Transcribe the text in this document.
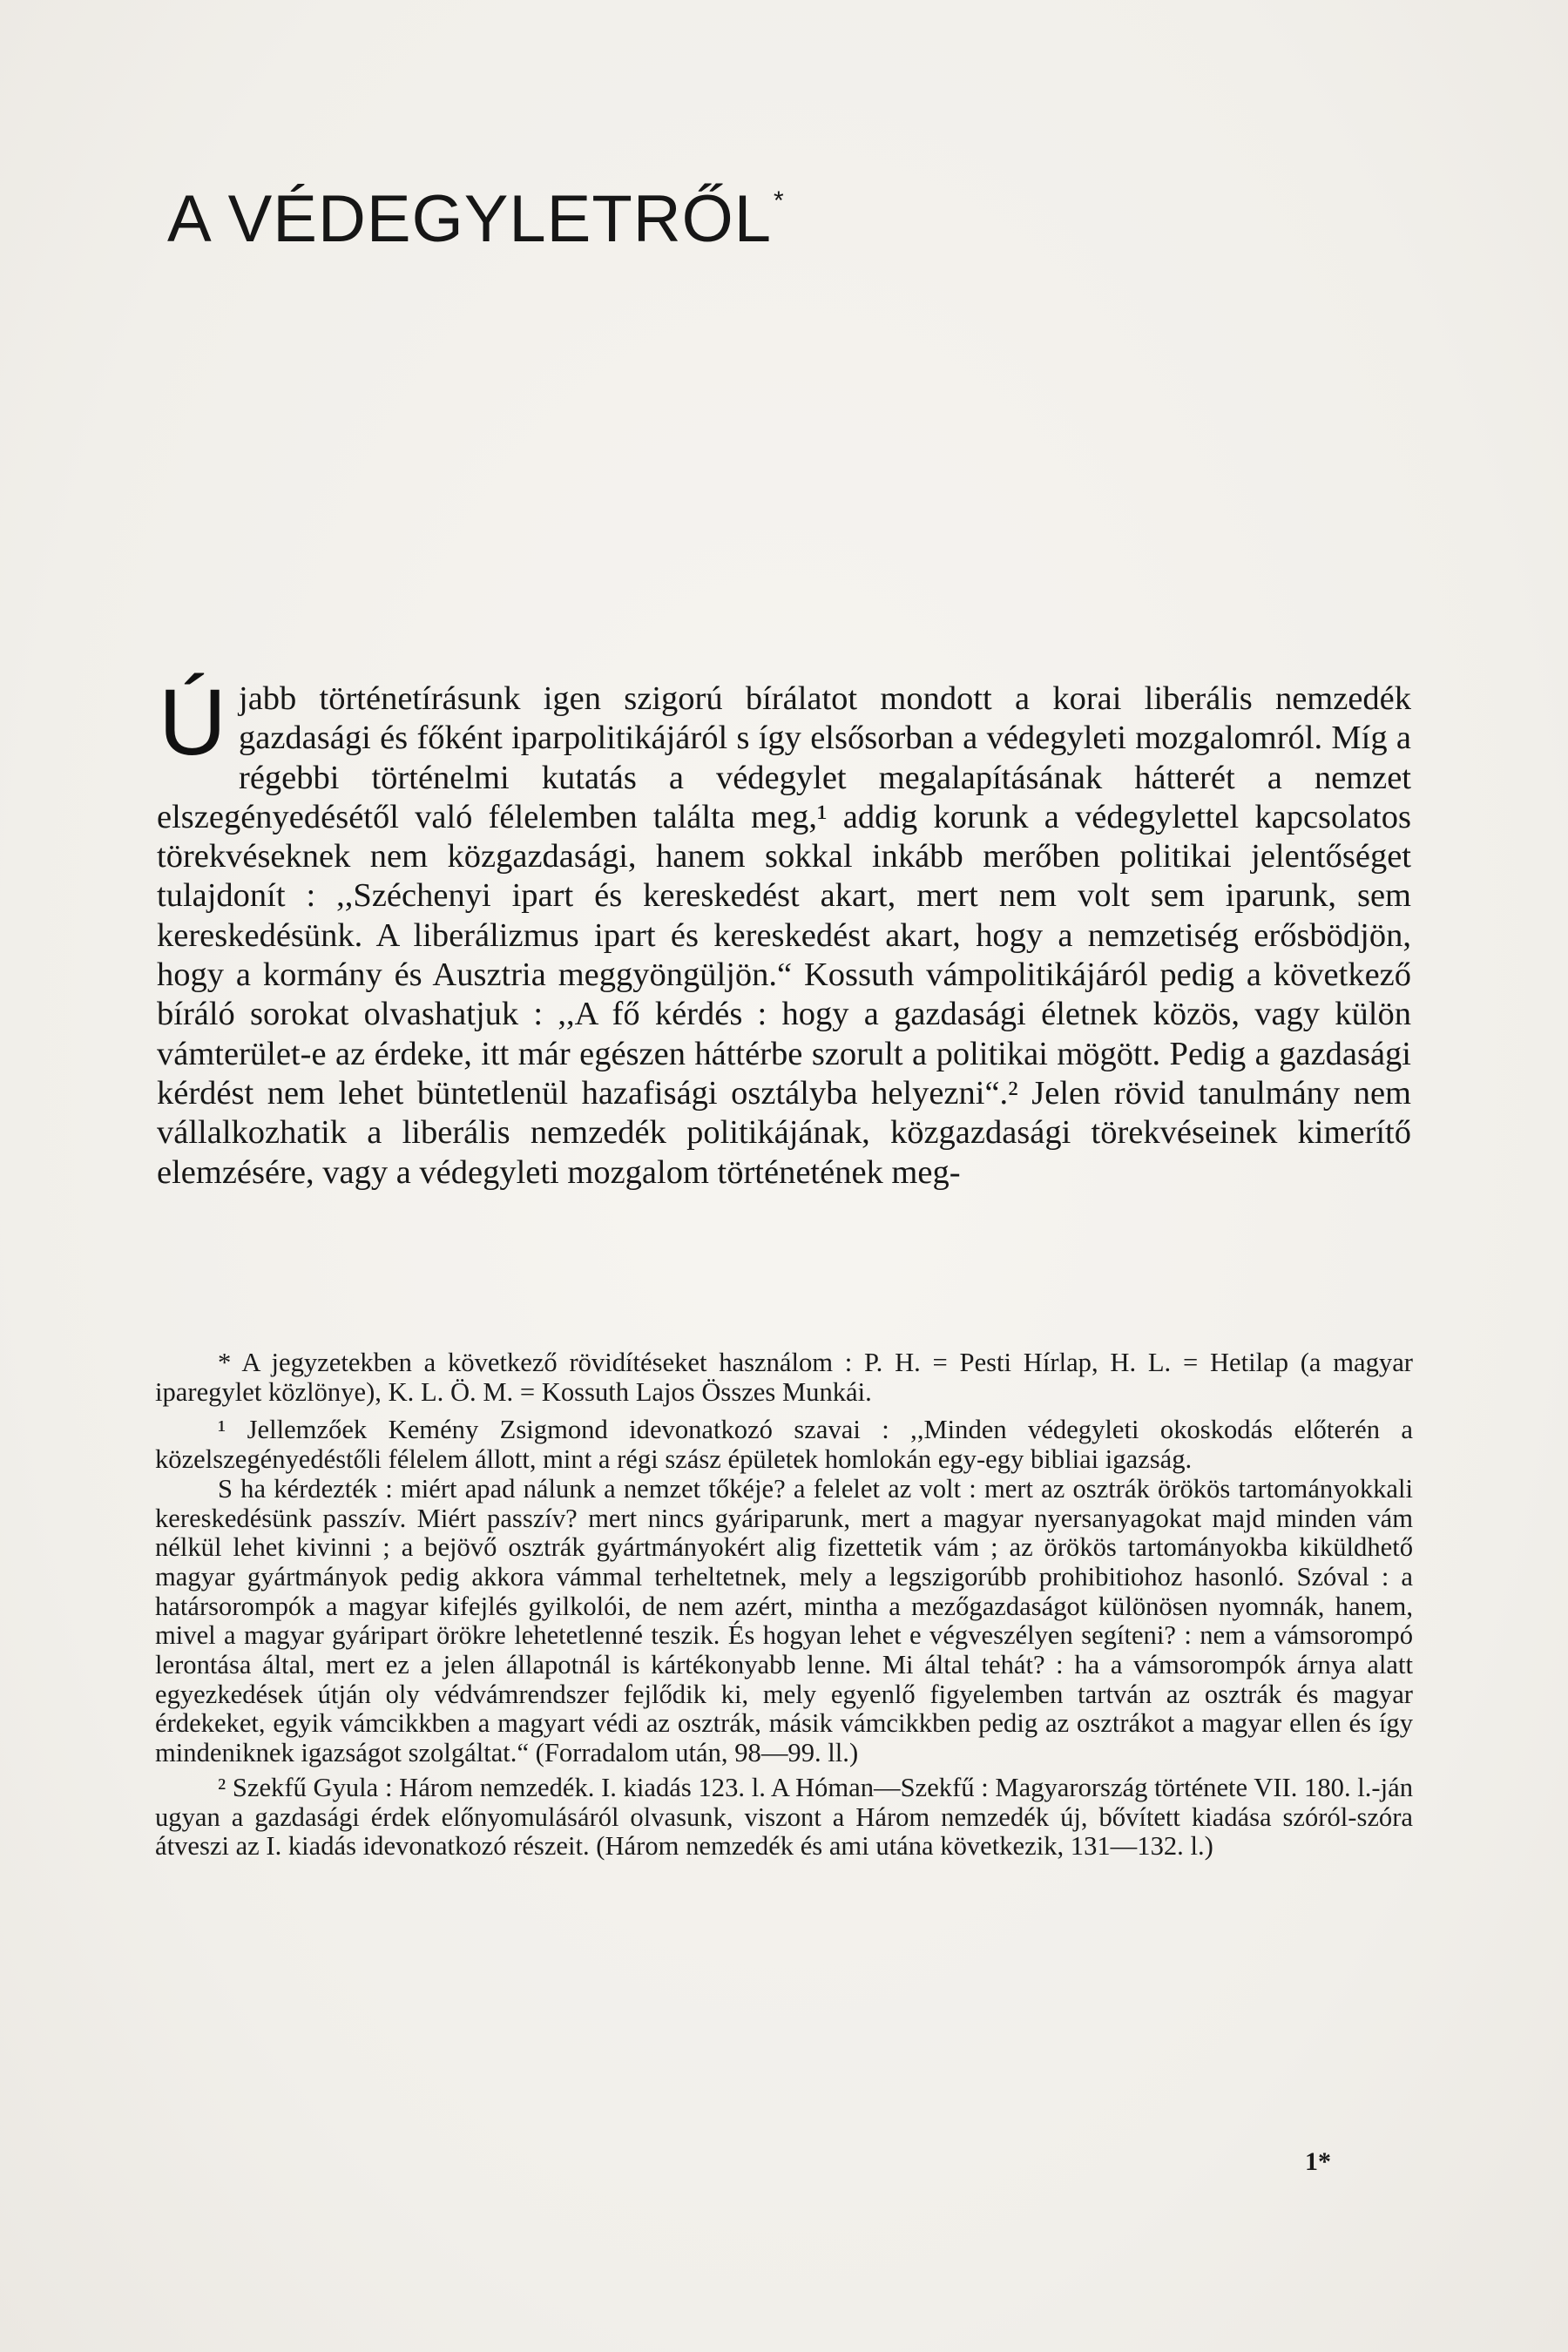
A VÉDEGYLETRŐL*
Újabb történetírásunk igen szigorú bírálatot mondott a korai liberális nemzedék gazdasági és főként iparpolitikájáról s így elsősorban a védegyleti mozgalomról. Míg a régebbi történelmi kutatás a védegylet megalapításának hátterét a nemzet elszegényedésétől való félelemben találta meg,¹ addig korunk a védegylettel kapcsolatos törekvéseknek nem közgazdasági, hanem sokkal inkább merőben politikai jelentőséget tulajdonít : ,,Széchenyi ipart és kereskedést akart, mert nem volt sem iparunk, sem kereskedésünk. A liberálizmus ipart és kereskedést akart, hogy a nemzetiség erősbödjön, hogy a kormány és Ausztria meggyöngüljön.“ Kossuth vámpolitikájáról pedig a következő bíráló sorokat olvashatjuk : ,,A fő kérdés : hogy a gazdasági életnek közös, vagy külön vámterület-e az érdeke, itt már egészen háttérbe szorult a politikai mögött. Pedig a gazdasági kérdést nem lehet büntetlenül hazafisági osztályba helyezni“.² Jelen rövid tanulmány nem vállalkozhatik a liberális nemzedék politikájának, közgazdasági törekvéseinek kimerítő elemzésére, vagy a védegyleti mozgalom történetének meg-

* A jegyzetekben a következő rövidítéseket használom : P. H. = Pesti Hírlap, H. L. = Hetilap (a magyar iparegylet közlönye), K. L. Ö. M. = Kossuth Lajos Összes Munkái.

¹ Jellemzőek Kemény Zsigmond idevonatkozó szavai : ,,Minden védegyleti okoskodás előterén a közelszegényedéstőli félelem állott, mint a régi szász épületek homlokán egy-egy bibliai igazság.

S ha kérdezték : miért apad nálunk a nemzet tőkéje? a felelet az volt : mert az osztrák örökös tartományokkali kereskedésünk passzív. Miért passzív? mert nincs gyáriparunk, mert a magyar nyersanyagokat majd minden vám nélkül lehet kivinni ; a bejövő osztrák gyártmányokért alig fizettetik vám ; az örökös tartományokba kiküldhető magyar gyártmányok pedig akkora vámmal terheltetnek, mely a legszigorúbb prohibitiohoz hasonló. Szóval : a határsorompók a magyar kifejlés gyilkolói, de nem azért, mintha a mezőgazdaságot különösen nyomnák, hanem, mivel a magyar gyáripart örökre lehetetlenné teszik. És hogyan lehet e végveszélyen segíteni? : nem a vámsorompó lerontása által, mert ez a jelen állapotnál is kártékonyabb lenne. Mi által tehát? : ha a vámsorompók árnya alatt egyezkedések útján oly védvámrendszer fejlődik ki, mely egyenlő figyelemben tartván az osztrák és magyar érdekeket, egyik vámcikkben a magyart védi az osztrák, másik vámcikkben pedig az osztrákot a magyar ellen és így mindeniknek igazságot szolgáltat.“ (Forradalom után, 98—99. ll.)

² Szekfű Gyula : Három nemzedék. I. kiadás 123. l. A Hóman—Szekfű : Magyarország története VII. 180. l.-ján ugyan a gazdasági érdek előnyomulásáról olvasunk, viszont a Három nemzedék új, bővített kiadása szóról-szóra átveszi az I. kiadás idevonatkozó részeit. (Három nemzedék és ami utána következik, 131—132. l.)

1*
